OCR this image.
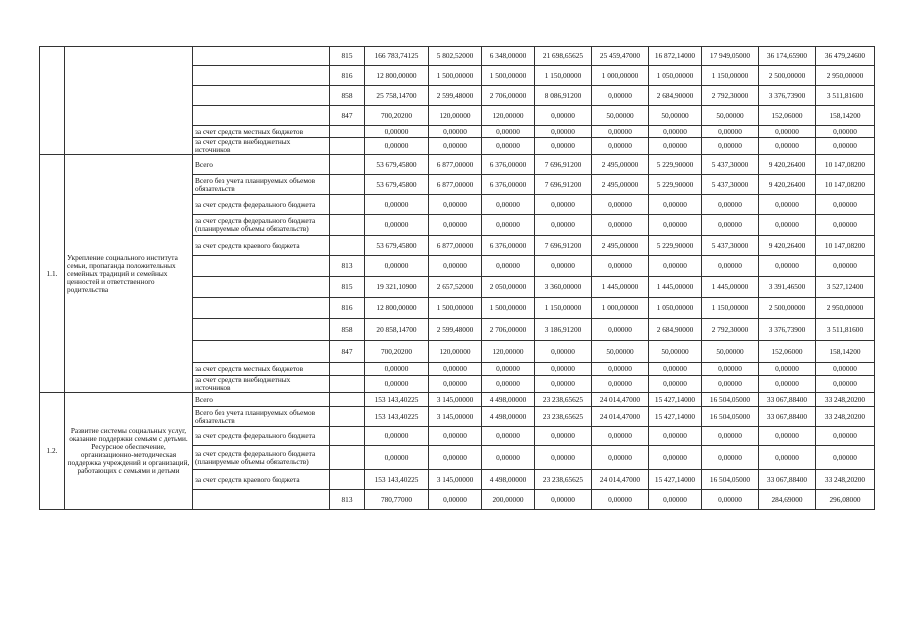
			815	166 783,74125	5 802,52000	6 348,00000	21 698,65625	25 459,47000	16 872,14000	17 949,05000	36 174,65900	36 479,24600
			816	12 800,00000	1 500,00000	1 500,00000	1 150,00000	1 000,00000	1 050,00000	1 150,00000	2 500,00000	2 950,00000
			858	25 758,14700	2 599,48000	2 706,00000	8 086,91200	0,00000	2 684,90000	2 792,30000	3 376,73900	3 511,81600
			847	700,20200	120,00000	120,00000	0,00000	50,00000	50,00000	50,00000	152,06000	158,14200
		за счет средств местных бюджетов		0,00000	0,00000	0,00000	0,00000	0,00000	0,00000	0,00000	0,00000	0,00000
		за счет средств внебюджетных источников		0,00000	0,00000	0,00000	0,00000	0,00000	0,00000	0,00000	0,00000	0,00000
1.1.	Укрепление социального института семьи, пропаганда положительных семейных традиций и семейных ценностей и ответственного родительства	Всего		53 679,45800	6 877,00000	6 376,00000	7 696,91200	2 495,00000	5 229,90000	5 437,30000	9 420,26400	10 147,08200
		Всего без учета планируемых объемов обязательств		53 679,45800	6 877,00000	6 376,00000	7 696,91200	2 495,00000	5 229,90000	5 437,30000	9 420,26400	10 147,08200
		за счет средств федерального бюджета		0,00000	0,00000	0,00000	0,00000	0,00000	0,00000	0,00000	0,00000	0,00000
		за счет средств федерального бюджета (планируемые объемы обязательств)		0,00000	0,00000	0,00000	0,00000	0,00000	0,00000	0,00000	0,00000	0,00000
		за счет средств краевого бюджета		53 679,45800	6 877,00000	6 376,00000	7 696,91200	2 495,00000	5 229,90000	5 437,30000	9 420,26400	10 147,08200
			813	0,00000	0,00000	0,00000	0,00000	0,00000	0,00000	0,00000	0,00000	0,00000
			815	19 321,10900	2 657,52000	2 050,00000	3 360,00000	1 445,00000	1 445,00000	1 445,00000	3 391,46500	3 527,12400
			816	12 800,00000	1 500,00000	1 500,00000	1 150,00000	1 000,00000	1 050,00000	1 150,00000	2 500,00000	2 950,00000
			858	20 858,14700	2 599,48000	2 706,00000	3 186,91200	0,00000	2 684,90000	2 792,30000	3 376,73900	3 511,81600
			847	700,20200	120,00000	120,00000	0,00000	50,00000	50,00000	50,00000	152,06000	158,14200
		за счет средств местных бюджетов		0,00000	0,00000	0,00000	0,00000	0,00000	0,00000	0,00000	0,00000	0,00000
		за счет средств внебюджетных источников		0,00000	0,00000	0,00000	0,00000	0,00000	0,00000	0,00000	0,00000	0,00000
1.2.	Развитие системы социальных услуг, оказание поддержки семьям с детьми. Ресурсное обеспечение, организационно-методическая поддержка учреждений и организаций, работающих с семьями и детьми	Всего		153 143,40225	3 145,00000	4 498,00000	23 238,65625	24 014,47000	15 427,14000	16 504,05000	33 067,88400	33 248,20200
		Всего без учета планируемых объемов обязательств		153 143,40225	3 145,00000	4 498,00000	23 238,65625	24 014,47000	15 427,14000	16 504,05000	33 067,88400	33 248,20200
		за счет средств федерального бюджета		0,00000	0,00000	0,00000	0,00000	0,00000	0,00000	0,00000	0,00000	0,00000
		за счет средств федерального бюджета (планируемые объемы обязательств)		0,00000	0,00000	0,00000	0,00000	0,00000	0,00000	0,00000	0,00000	0,00000
		за счет средств краевого бюджета		153 143,40225	3 145,00000	4 498,00000	23 238,65625	24 014,47000	15 427,14000	16 504,05000	33 067,88400	33 248,20200
			813	780,77000	0,00000	200,00000	0,00000	0,00000	0,00000	0,00000	284,69000	296,08000
